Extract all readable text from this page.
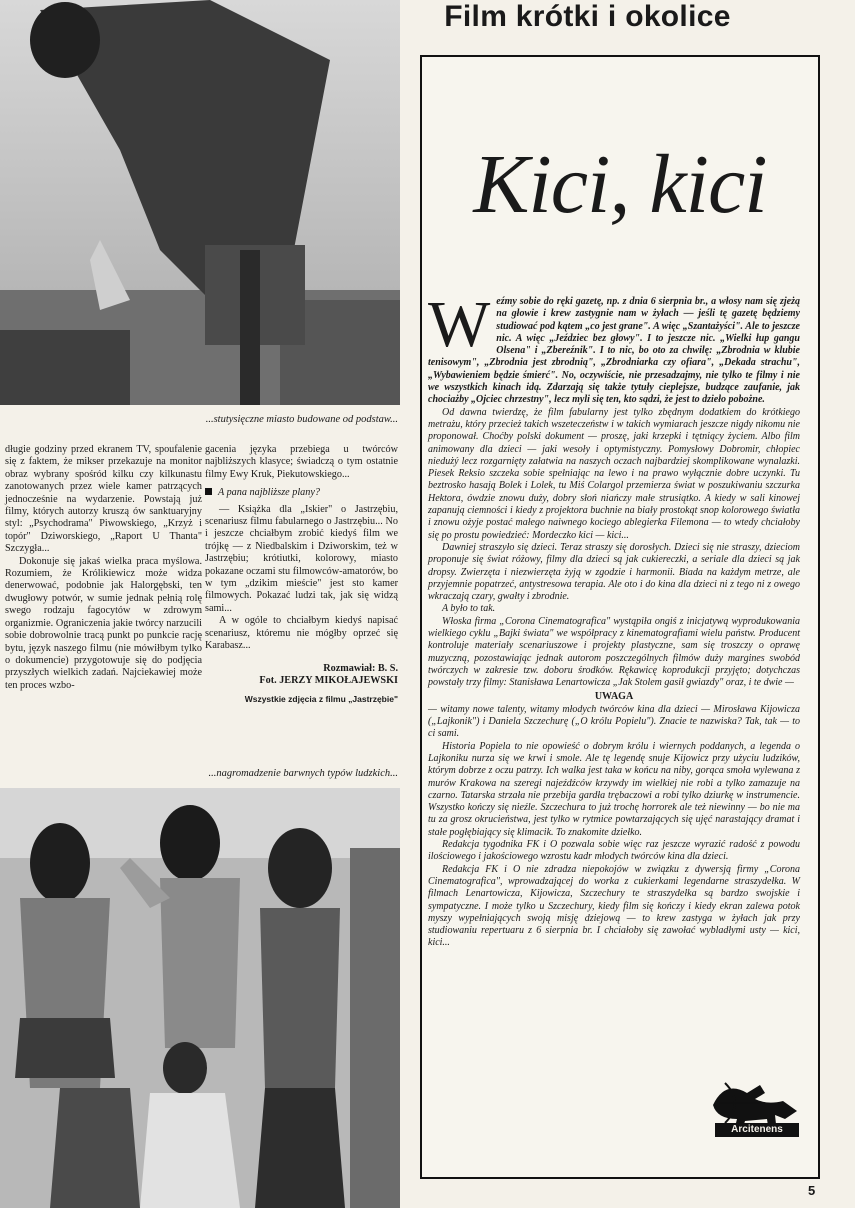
...stutysięczne miasto budowane od podstaw...

długie godziny przed ekranem TV, spoufalenie się z faktem, że mikser przekazuje na monitor obraz wybrany spośród kilku czy kilkunastu zanotowanych przez wiele kamer patrzących jednocześnie na wydarzenie. Powstają już filmy, których autorzy kruszą ów sanktuaryjny styl: „Psychodrama" Piwowskiego, „Krzyż i topór" Dziworskiego, „Raport U Thanta" Szczygła...

Dokonuje się jakaś wielka praca myślowa. Rozumiem, że Królikiewicz może widza denerwować, podobnie jak Halorgębski, ten dwugłowy potwór, w sumie jednak pełnią rolę swego rodzaju fagocytów w zdrowym organizmie. Ograniczenia jakie twórcy narzucili sobie dobrowolnie tracą punkt po punkcie rację bytu, język naszego filmu (nie mówiłbym tylko o dokumencie) przygotowuje się do podjęcia przyszłych wielkich zadań. Najciekawiej może ten proces wzbo-

gacenia języka przebiega u twórców najbliższych klasyce; świadczą o tym ostatnie filmy Ewy Kruk, Piekutowskiego...

A pana najbliższe plany?

— Książka dla „Iskier" o Jastrzębiu, scenariusz filmu fabularnego o Jastrzębiu... No i jeszcze chciałbym zrobić kiedyś film we trójkę — z Niedbalskim i Dziworskim, też w Jastrzębiu; krótiutki, kolorowy, miasto pokazane oczami stu filmowców-amatorów, bo w tym „dzikim mieście" jest sto kamer filmowych. Pokazać ludzi tak, jak się widzą sami...

A w ogóle to chciałbym kiedyś napisać scenariusz, któremu nie mógłby oprzeć się Karabasz...

Rozmawiał: B. S.

Fot. JERZY MIKOŁAJEWSKI

Wszystkie zdjęcia z filmu „Jastrzębie"

...nagromadzenie barwnych typów ludzkich...
Film krótki i okolice
Kici, kici

Weźmy sobie do ręki gazetę, np. z dnia 6 sierpnia br., a włosy nam się zjeżą na głowie i krew zastygnie nam w żyłach — jeśli tę gazetę będziemy studiować pod kątem „co jest grane". A więc „Szantażyści". Ale to jeszcze nic. A więc „Jeździec bez głowy". I to jeszcze nic. „Wielki łup gangu Olsena" i „Zbereźnik". I to nic, bo oto za chwilę: „Zbrodnia w klubie tenisowym", „Zbrodnia jest zbrodnią", „Zbrodniarka czy ofiara", „Dekada strachu", „Wybawieniem będzie śmierć". No, oczywiście, nie przesadzajmy, nie tylko te filmy i nie we wszystkich kinach idą. Zdarzają się także tytuły cieplejsze, budzące zaufanie, jak chociażby „Ojciec chrzestny", lecz myli się ten, kto sądzi, że jest to dzieło pobożne.

Od dawna twierdzę, że film fabularny jest tylko zbędnym dodatkiem do krótkiego metrażu, który przecież takich wszeteczeństw i w takich wymiarach jeszcze nigdy nikomu nie proponował. Choćby polski dokument — proszę, jaki krzepki i tętniący życiem. Albo film animowany dla dzieci — jaki wesoły i optymistyczny. Pomysłowy Dobromir, chłopiec niedużý lecz rozgarnięty załatwia na naszych oczach najbardziej skomplikowane wynalazki. Piesek Reksio szczeka sobie spełniając na lewo i na prawo wyłącznie dobre uczynki. Tu beztrosko hasają Bolek i Lolek, tu Miś Colargol przemierza świat w poszukiwaniu szczurka Hektora, ówdzie znowu duży, dobry słoń niańczy małe strusiątko. A kiedy w sali kinowej zapanują ciemności i kiedy z projektora buchnie na biały prostokąt snop kolorowego światła i znowu ożyje postać małego naiwnego kociego ablegierka Filemona — to wtedy chciałoby się po prostu powiedzieć: Mordeczko kici — kici...

Dawniej straszyło się dzieci. Teraz straszy się dorosłych. Dzieci się nie straszy, dzieciom proponuje się świat różowy, filmy dla dzieci są jak cukiereczki, a seriale dla dzieci są jak dropsy. Zwierzęta i niezwierzęta żyją w zgodzie i harmonii. Biada na każdym metrze, ale przyjemnie popatrzeć, antystresowa terapia. Ale oto i do kina dla dzieci ni z tego ni z owego wkraczają czary, gwałty i zbrodnie.

A było to tak.

Włoska firma „Corona Cinematografica" wystąpiła ongiś z inicjatywą wyprodukowania wielkiego cyklu „Bajki świata" we współpracy z kinematografiami wielu państw. Producent kontroluje materiały scenariuszowe i projekty plastyczne, sam się troszczy o oprawę muzyczną, pozostawiając jednak autorom poszczególnych filmów duży margines swobód twórczych w zakresie tzw. doboru środków. Rękawicę koprodukcji przyjęto; dotychczas powstały trzy filmy: Stanisława Lenartowicza „Jak Stolem gasił gwiazdy" oraz, i te dwie —

UWAGA

— witamy nowe talenty, witamy młodych twórców kina dla dzieci — Mirosława Kijowicza („Lajkonik") i Daniela Szczechurę („O królu Popielu"). Znacie te nazwiska? Tak, tak — to ci sami.

Historia Popiela to nie opowieść o dobrym królu i wiernych poddanych, a legenda o Lajkoniku nurza się we krwi i smole. Ale tę legendę snuje Kijowicz przy użyciu ludzików, którym dobrze z oczu patrzy. Ich walka jest taka w końcu na niby, gorąca smoła wylewana z murów Krakowa na szeregi najeźdźców krzywdy im wielkiej nie robi a tylko zamazuje na czarno. Tatarska strzała nie przebija gardła trębaczowi a robi tylko dziurkę w instrumencie. Wszystko kończy się nieźle. Szczechura to już trochę horrorek ale też niewinny — bo nie ma tu za grosz okrucieństwa, jest tylko w rytmice powtarzających się ujęć narastający dramat i stałe pogłębiający się klimacik. To znakomite dziełko.

Redakcja tygodnika FK i O pozwala sobie więc raz jeszcze wyrazić radość z powodu ilościowego i jakościowego wzrostu kadr młodych twórców kina dla dzieci.

Redakcja FK i O nie zdradza niepokojów w związku z dywersją firmy „Corona Cinematografica", wprowadzającej do worka z cukierkami legendarne straszydełka. W filmach Lenartowicza, Kijowicza, Szczechury te straszydełka są bardzo swojskie i sympatyczne. I może tylko u Szczechury, kiedy film się kończy i kiedy ekran zalewa potok myszy wypełniających swoją misję dziejową — to krew zastyga w żyłach jak przy studiowaniu repertuaru z 6 sierpnia br. I chciałoby się zawołać wybladłymi usty — kici, kici...

Arcitenens
5
